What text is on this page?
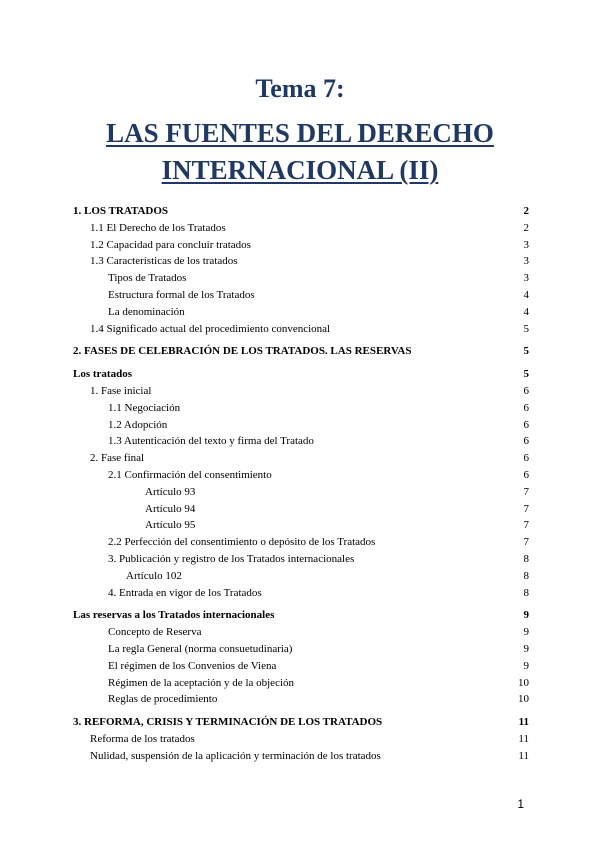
Tema 7:
LAS FUENTES DEL DERECHO
INTERNACIONAL (II)
1. LOS TRATADOS	2
1.1 El Derecho de los Tratados	2
1.2 Capacidad para concluir tratados	3
1.3 Características de los tratados	3
Tipos de Tratados	3
Estructura formal de los Tratados	4
La denominación	4
1.4 Significado actual del procedimiento convencional	5
2. FASES DE CELEBRACIÓN DE LOS TRATADOS. LAS RESERVAS	5
Los tratados	5
1. Fase inicial	6
1.1 Negociación	6
1.2 Adopción	6
1.3 Autenticación del texto y firma del Tratado	6
2. Fase final	6
2.1 Confirmación del consentimiento	6
Artículo 93	7
Artículo 94	7
Artículo 95	7
2.2 Perfección del consentimiento o depósito de los Tratados	7
3. Publicación y registro de los Tratados internacionales	8
Artículo 102	8
4. Entrada en vigor de los Tratados	8
Las reservas a los Tratados internacionales	9
Concepto de Reserva	9
La regla General (norma consuetudinaria)	9
El régimen de los Convenios de Viena	9
Régimen de la aceptación y de la objeción	10
Reglas de procedimiento	10
3. REFORMA, CRISIS Y TERMINACIÓN DE LOS TRATADOS	11
Reforma de los tratados	11
Nulidad, suspensión de la aplicación y terminación de los tratados	11
1
